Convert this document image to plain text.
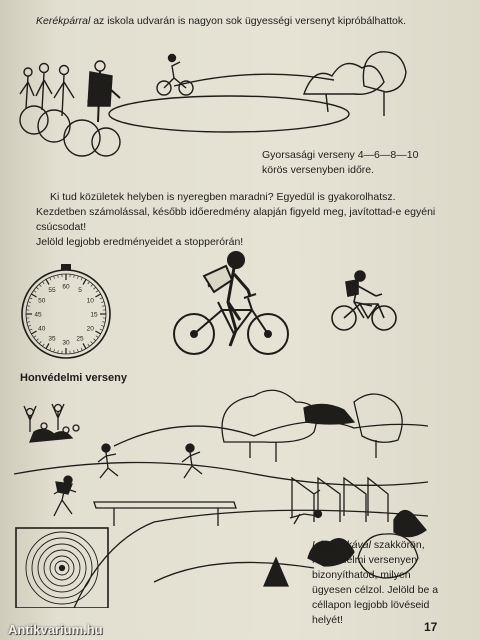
Kerékpárral az iskola udvarán is nagyon sok ügyességi versenyt kipróbálhattok.
Gyorsasági verseny 4—6—8—10 körös versenyben időre.
Ki tud közületek helyben is nyeregben maradni? Egyedül is gyakorolhatsz. Kezdetben számolással, később időeredmény alapján figyeld meg, javítottad-e egyéni csúcsodat!
Jelöld legjobb eredményeidet a stopperórán!
60
5
10
15
20
25
30
35
40
45
50
55
Honvédelmi verseny
Légpuskával szakkörön, honvédelmi versenyen bizonyíthatod, milyen ügyesen célzol. Jelöld be a céllapon legjobb lövéseid helyét!	17
Antikvarium.hu
